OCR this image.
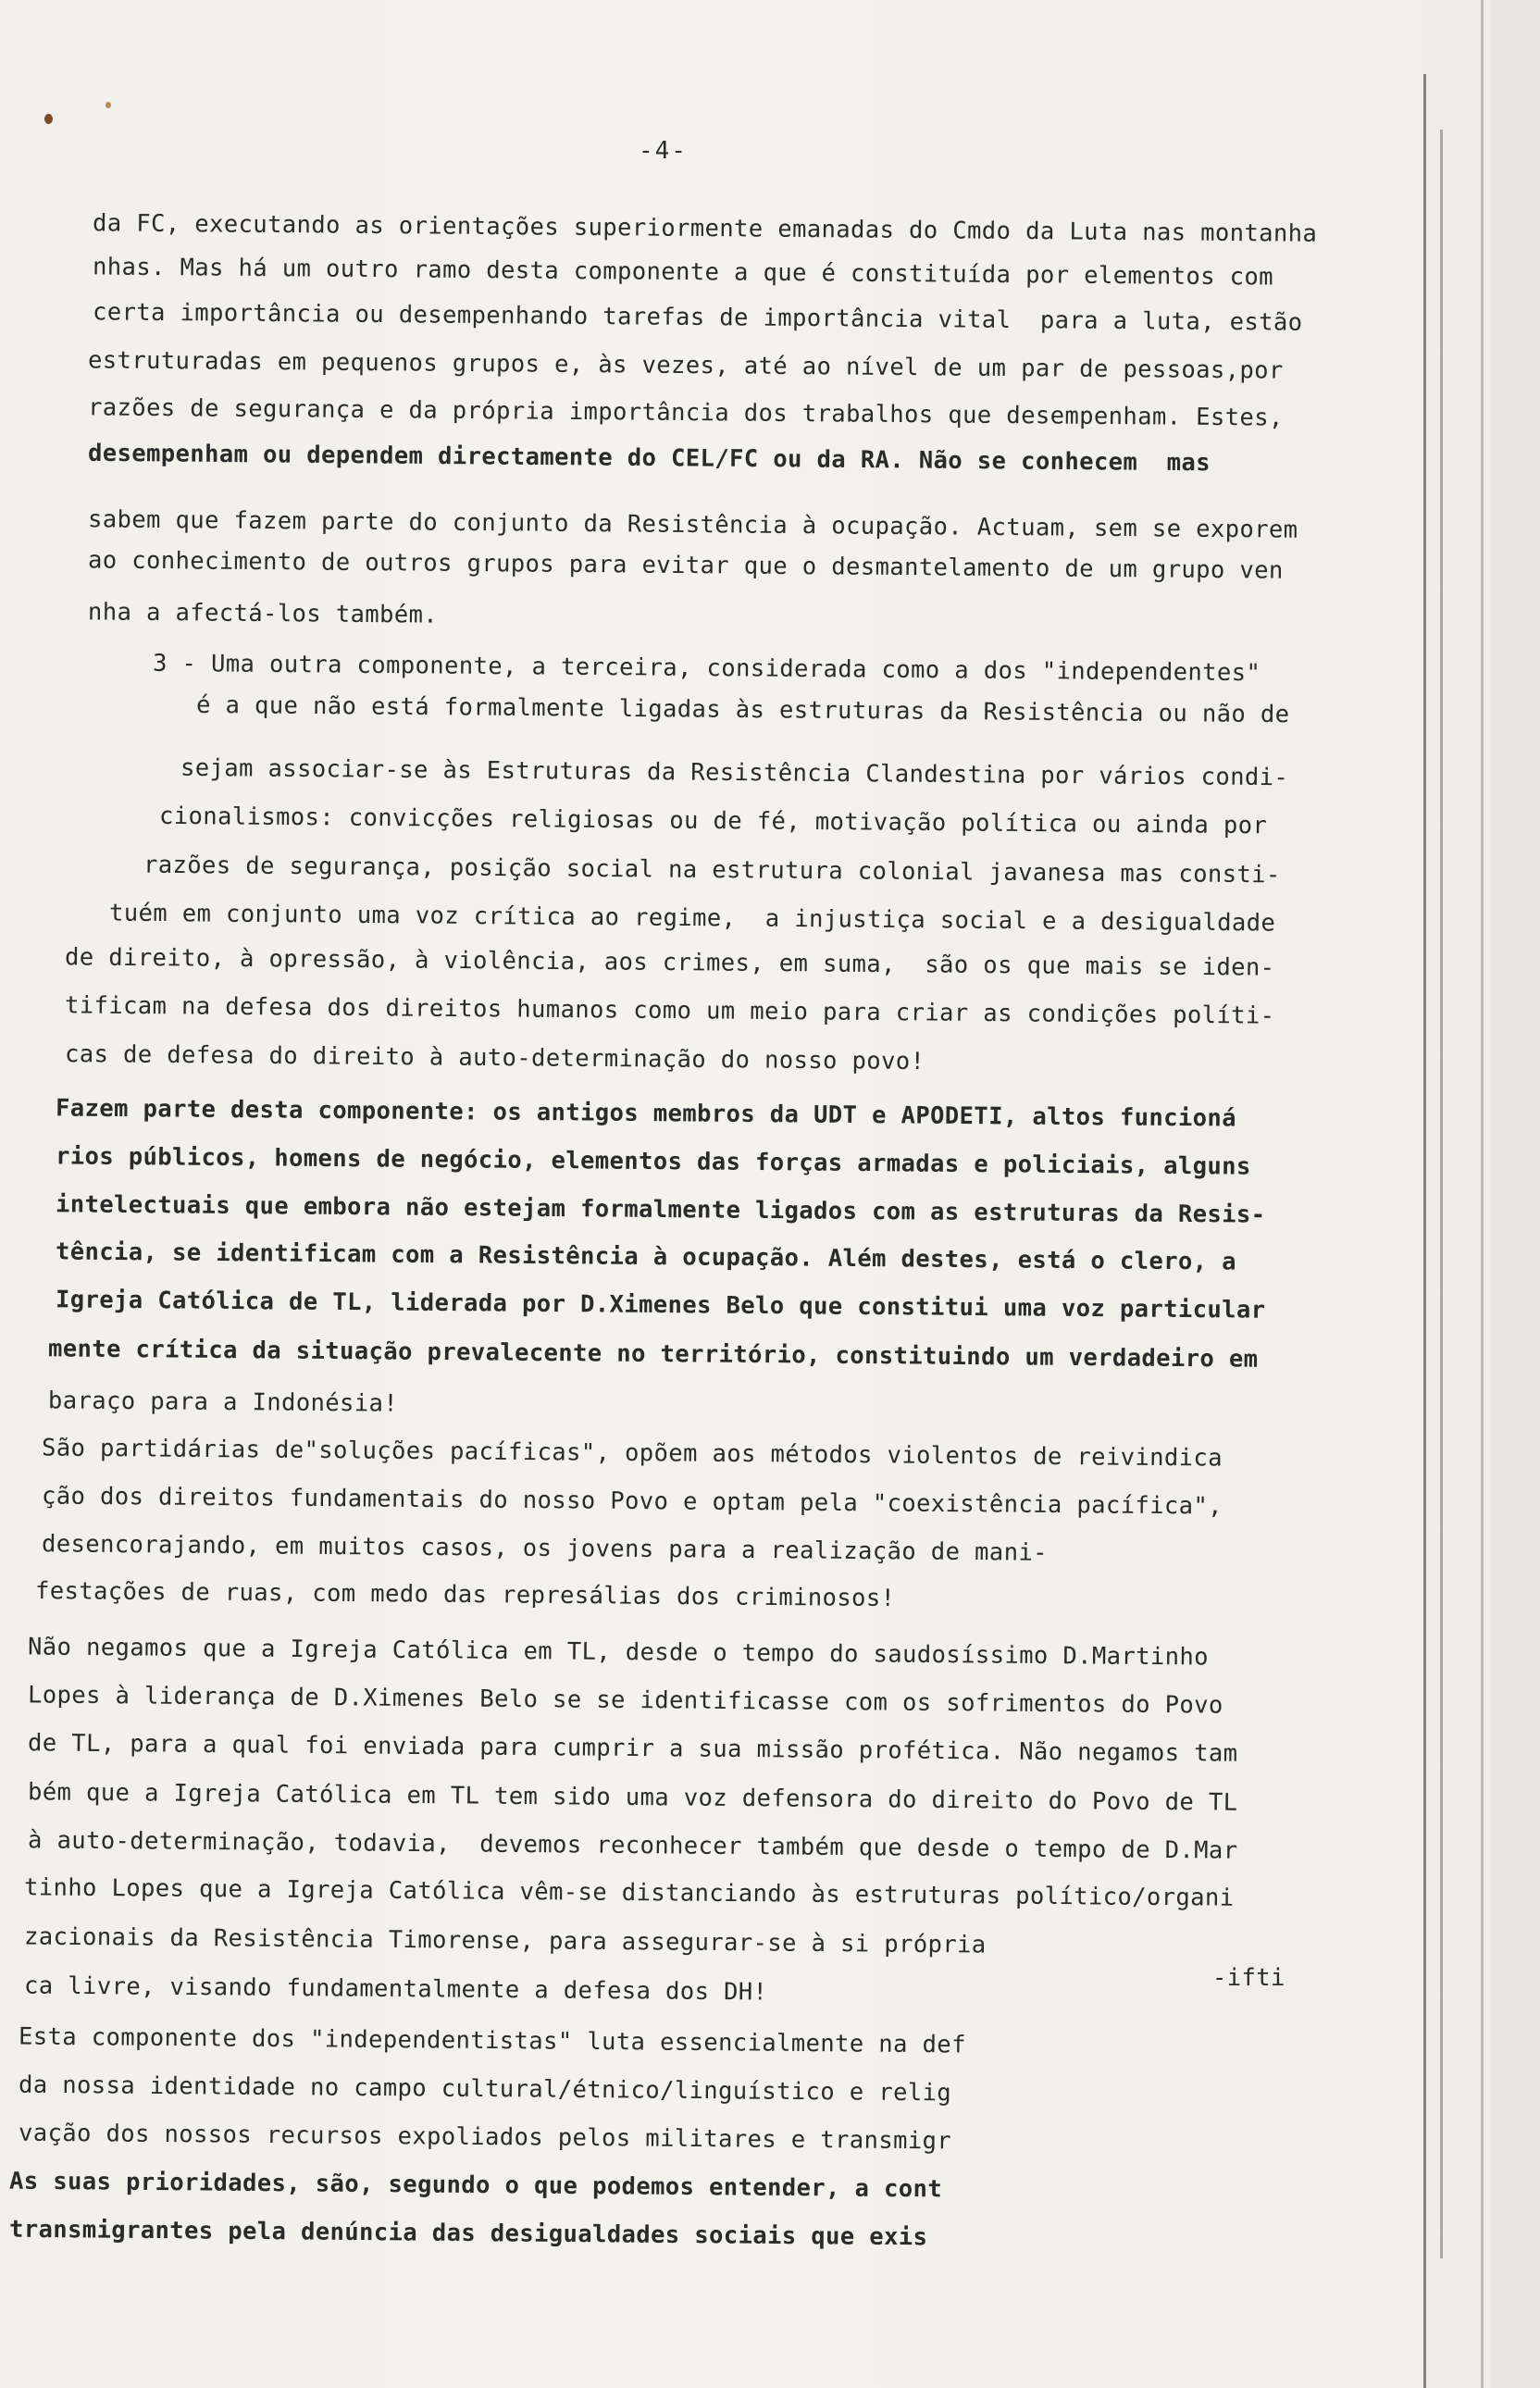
-4-

da FC, executando as orientações superiormente emanadas do Cmdo da Luta nas montanha

nhas. Mas há um outro ramo desta componente a que é constituída por elementos com

certa importância ou desempenhando tarefas de importância vital  para a luta, estão

estruturadas em pequenos grupos e, às vezes, até ao nível de um par de pessoas,por

razões de segurança e da própria importância dos trabalhos que desempenham. Estes,

desempenham ou dependem directamente do CEL/FC ou da RA. Não se conhecem  mas

sabem que fazem parte do conjunto da Resistência à ocupação. Actuam, sem se exporem

ao conhecimento de outros grupos para evitar que o desmantelamento de um grupo ven

nha a afectá-los também.

3 - Uma outra componente, a terceira, considerada como a dos "independentes"

é a que não está formalmente ligadas às estruturas da Resistência ou não de

sejam associar-se às Estruturas da Resistência Clandestina por vários condi-

cionalismos: convicções religiosas ou de fé, motivação política ou ainda por

razões de segurança, posição social na estrutura colonial javanesa mas consti-

tuém em conjunto uma voz crítica ao regime,  a injustiça social e a desigualdade

de direito, à opressão, à violência, aos crimes, em suma,  são os que mais se iden-

tificam na defesa dos direitos humanos como um meio para criar as condições políti-

cas de defesa do direito à auto-determinação do nosso povo!

Fazem parte desta componente: os antigos membros da UDT e APODETI, altos funcioná

rios públicos, homens de negócio, elementos das forças armadas e policiais, alguns

intelectuais que embora não estejam formalmente ligados com as estruturas da Resis-

tência, se identificam com a Resistência à ocupação. Além destes, está o clero, a

Igreja Católica de TL, liderada por D.Ximenes Belo que constitui uma voz particular

mente crítica da situação prevalecente no território, constituindo um verdadeiro em

baraço para a Indonésia!

São partidárias de"soluções pacíficas", opõem aos métodos violentos de reivindica

ção dos direitos fundamentais do nosso Povo e optam pela "coexistência pacífica",

desencorajando, em muitos casos, os jovens para a realização de mani-

festações de ruas, com medo das represálias dos criminosos!

Não negamos que a Igreja Católica em TL, desde o tempo do saudosíssimo D.Martinho

Lopes à liderança de D.Ximenes Belo se se identificasse com os sofrimentos do Povo

de TL, para a qual foi enviada para cumprir a sua missão profética. Não negamos tam

bém que a Igreja Católica em TL tem sido uma voz defensora do direito do Povo de TL

à auto-determinação, todavia,  devemos reconhecer também que desde o tempo de D.Mar

tinho Lopes que a Igreja Católica vêm-se distanciando às estruturas político/organi

zacionais da Resistência Timorense, para assegurar-se à si própria

ca livre, visando fundamentalmente a defesa dos DH!

Esta componente dos "independentistas" luta essencialmente na def

da nossa identidade no campo cultural/étnico/linguístico e relig

vação dos nossos recursos expoliados pelos militares e transmigr

As suas prioridades, são, segundo o que podemos entender, a cont

transmigrantes pela denúncia das desigualdades sociais que exis

-ifti
